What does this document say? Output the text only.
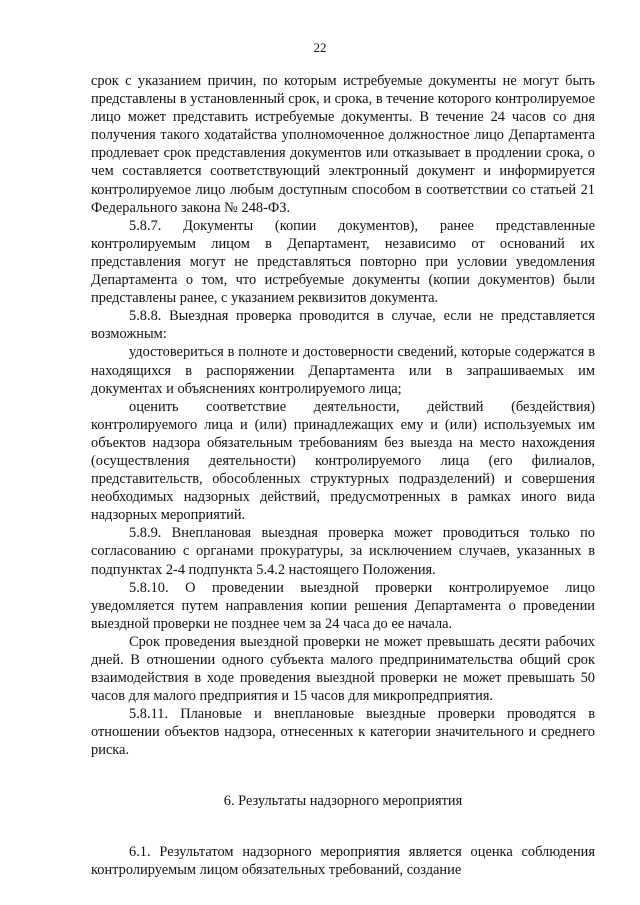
22

срок с указанием причин, по которым истребуемые документы не могут быть представлены в установленный срок, и срока, в течение которого контролируемое лицо может представить истребуемые документы. В течение 24 часов со дня получения такого ходатайства уполномоченное должностное лицо Департамента продлевает срок представления документов или отказывает в продлении срока, о чем составляется соответствующий электронный документ и информируется контролируемое лицо любым доступным способом в соответствии со статьей 21 Федерального закона № 248-ФЗ.

5.8.7. Документы (копии документов), ранее представленные контролируемым лицом в Департамент, независимо от оснований их представления могут не представляться повторно при условии уведомления Департамента о том, что истребуемые документы (копии документов) были представлены ранее, с указанием реквизитов документа.

5.8.8. Выездная проверка проводится в случае, если не представляется возможным:

удостовериться в полноте и достоверности сведений, которые содержатся в находящихся в распоряжении Департамента или в запрашиваемых им документах и объяснениях контролируемого лица;

оценить соответствие деятельности, действий (бездействия) контролируемого лица и (или) принадлежащих ему и (или) используемых им объектов надзора обязательным требованиям без выезда на место нахождения (осуществления деятельности) контролируемого лица (его филиалов, представительств, обособленных структурных подразделений) и совершения необходимых надзорных действий, предусмотренных в рамках иного вида надзорных мероприятий.

5.8.9. Внеплановая выездная проверка может проводиться только по согласованию с органами прокуратуры, за исключением случаев, указанных в подпунктах 2-4 подпункта 5.4.2 настоящего Положения.

5.8.10. О проведении выездной проверки контролируемое лицо уведомляется путем направления копии решения Департамента о проведении выездной проверки не позднее чем за 24 часа до ее начала.

Срок проведения выездной проверки не может превышать десяти рабочих дней. В отношении одного субъекта малого предпринимательства общий срок взаимодействия в ходе проведения выездной проверки не может превышать 50 часов для малого предприятия и 15 часов для микропредприятия.

5.8.11. Плановые и внеплановые выездные проверки проводятся в отношении объектов надзора, отнесенных к категории значительного и среднего риска.

6. Результаты надзорного мероприятия

6.1. Результатом надзорного мероприятия является оценка соблюдения контролируемым лицом обязательных требований, создание
